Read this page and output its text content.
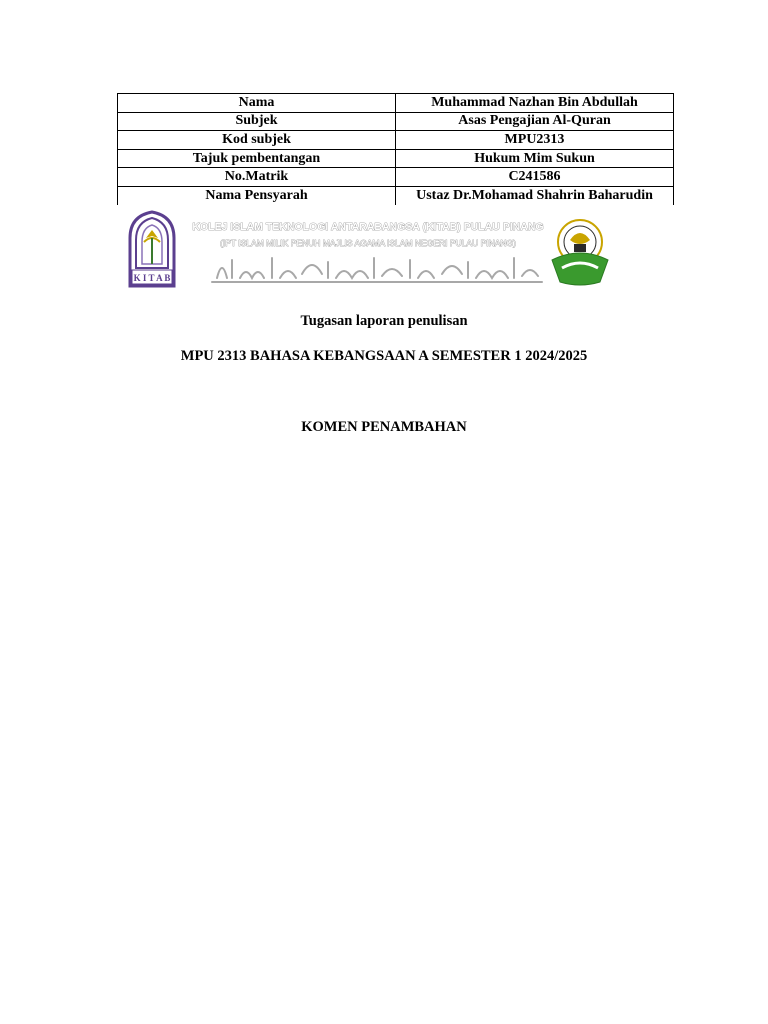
Nama	Muhammad Nazhan Bin Abdullah
Subjek	Asas Pengajian Al-Quran
Kod subjek	MPU2313
Tajuk pembentangan	Hukum Mim Sukun
No.Matrik	C241586
Nama Pensyarah	Ustaz Dr.Mohamad Shahrin Baharudin
K I T A B
KOLEJ ISLAM TEKNOLOGI ANTARABANGSA (KITAB) PULAU PINANG
(IPT ISLAM MILIK PENUH MAJLIS AGAMA ISLAM NEGERI PULAU PINANG)
Tugasan laporan penulisan
MPU 2313 BAHASA KEBANGSAAN A SEMESTER 1 2024/2025
KOMEN PENAMBAHAN
